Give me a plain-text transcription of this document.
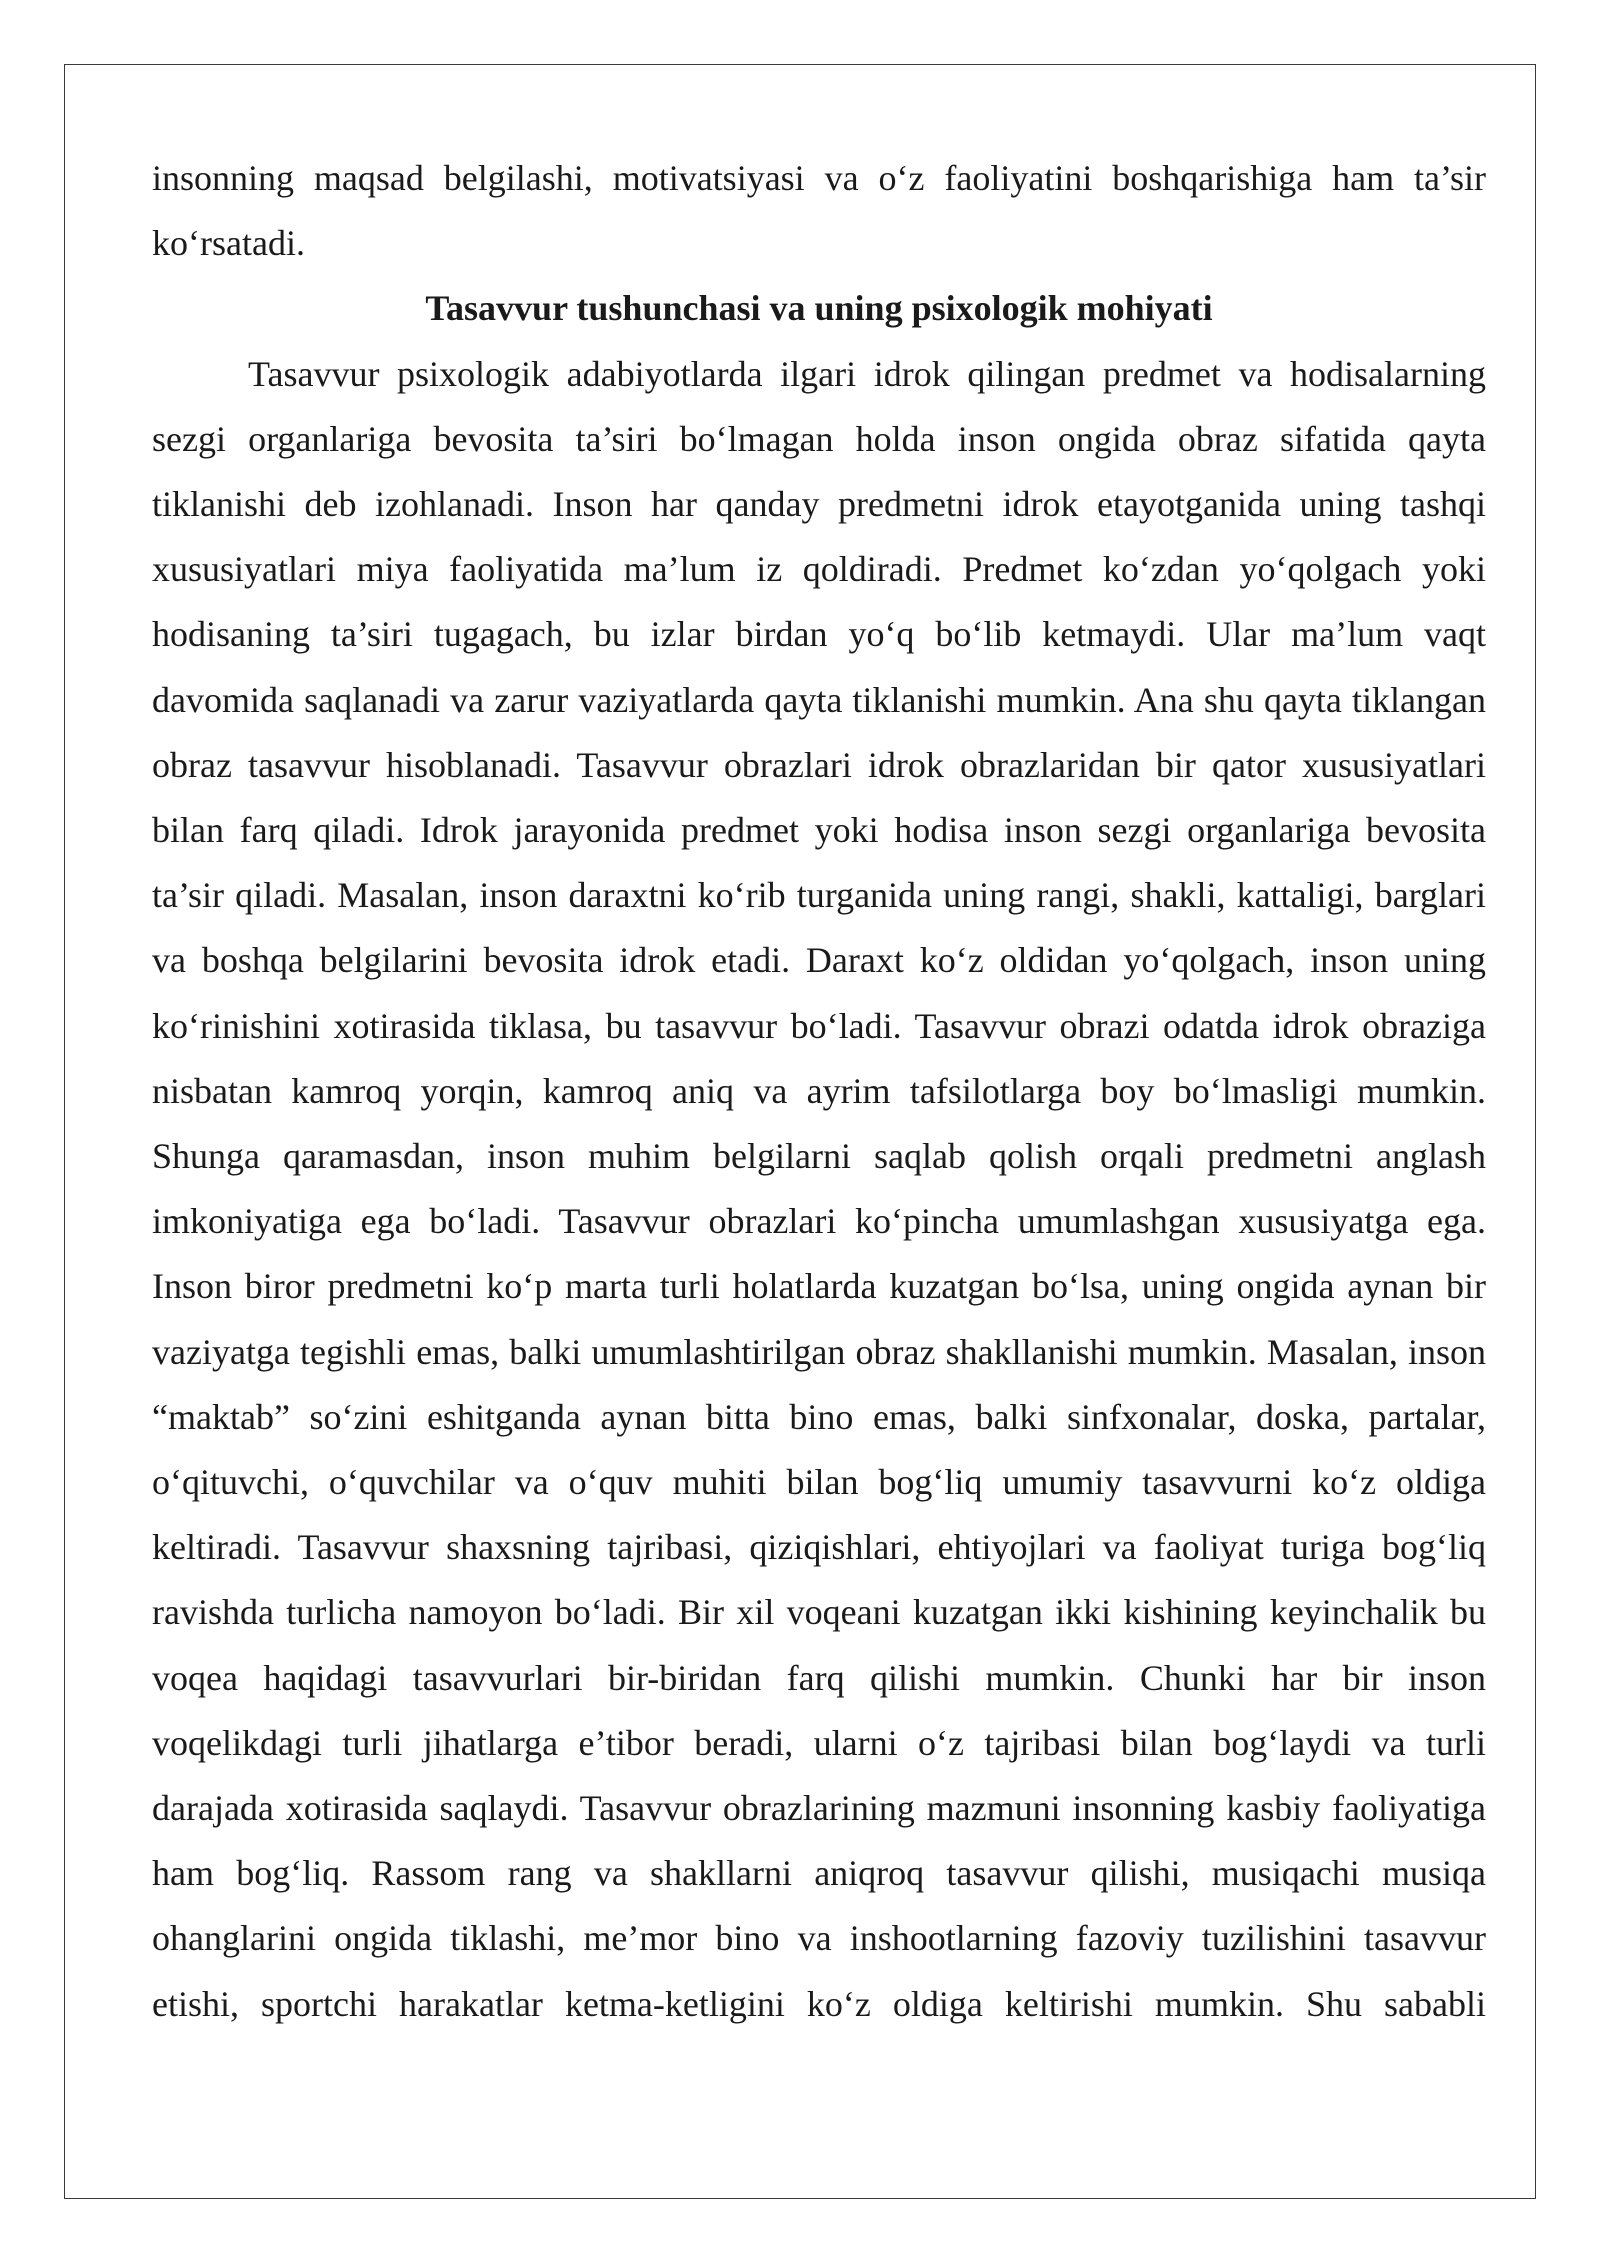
insonning maqsad belgilashi, motivatsiyasi va o‘z faoliyatini boshqarishiga ham ta’sir ko‘rsatadi.

Tasavvur tushunchasi va uning psixologik mohiyati

Tasavvur psixologik adabiyotlarda ilgari idrok qilingan predmet va hodisalarning sezgi organlariga bevosita ta’siri bo‘lmagan holda inson ongida obraz sifatida qayta tiklanishi deb izohlanadi. Inson har qanday predmetni idrok etayotganida uning tashqi xususiyatlari miya faoliyatida ma’lum iz qoldiradi. Predmet ko‘zdan yo‘qolgach yoki hodisaning ta’siri tugagach, bu izlar birdan yo‘q bo‘lib ketmaydi. Ular ma’lum vaqt davomida saqlanadi va zarur vaziyatlarda qayta tiklanishi mumkin. Ana shu qayta tiklangan obraz tasavvur hisoblanadi. Tasavvur obrazlari idrok obrazlaridan bir qator xususiyatlari bilan farq qiladi. Idrok jarayonida predmet yoki hodisa inson sezgi organlariga bevosita ta’sir qiladi. Masalan, inson daraxtni ko‘rib turganida uning rangi, shakli, kattaligi, barglari va boshqa belgilarini bevosita idrok etadi. Daraxt ko‘z oldidan yo‘qolgach, inson uning ko‘rinishini xotirasida tiklasa, bu tasavvur bo‘ladi. Tasavvur obrazi odatda idrok obraziga nisbatan kamroq yorqin, kamroq aniq va ayrim tafsilotlarga boy bo‘lmasligi mumkin. Shunga qaramasdan, inson muhim belgilarni saqlab qolish orqali predmetni anglash imkoniyatiga ega bo‘ladi. Tasavvur obrazlari ko‘pincha umumlashgan xususiyatga ega. Inson biror predmetni ko‘p marta turli holatlarda kuzatgan bo‘lsa, uning ongida aynan bir vaziyatga tegishli emas, balki umumlashtirilgan obraz shakllanishi mumkin. Masalan, inson “maktab” so‘zini eshitganda aynan bitta bino emas, balki sinfxonalar, doska, partalar, o‘qituvchi, o‘quvchilar va o‘quv muhiti bilan bog‘liq umumiy tasavvurni ko‘z oldiga keltiradi. Tasavvur shaxsning tajribasi, qiziqishlari, ehtiyojlari va faoliyat turiga bog‘liq ravishda turlicha namoyon bo‘ladi. Bir xil voqeani kuzatgan ikki kishining keyinchalik bu voqea haqidagi tasavvurlari bir-biridan farq qilishi mumkin. Chunki har bir inson voqelikdagi turli jihatlarga e’tibor beradi, ularni o‘z tajribasi bilan bog‘laydi va turli darajada xotirasida saqlaydi. Tasavvur obrazlarining mazmuni insonning kasbiy faoliyatiga ham bog‘liq. Rassom rang va shakllarni aniqroq tasavvur qilishi, musiqachi musiqa ohanglarini ongida tiklashi, me’mor bino va inshootlarning fazoviy tuzilishini tasavvur etishi, sportchi harakatlar ketma-ketligini ko‘z oldiga keltirishi mumkin. Shu sababli
